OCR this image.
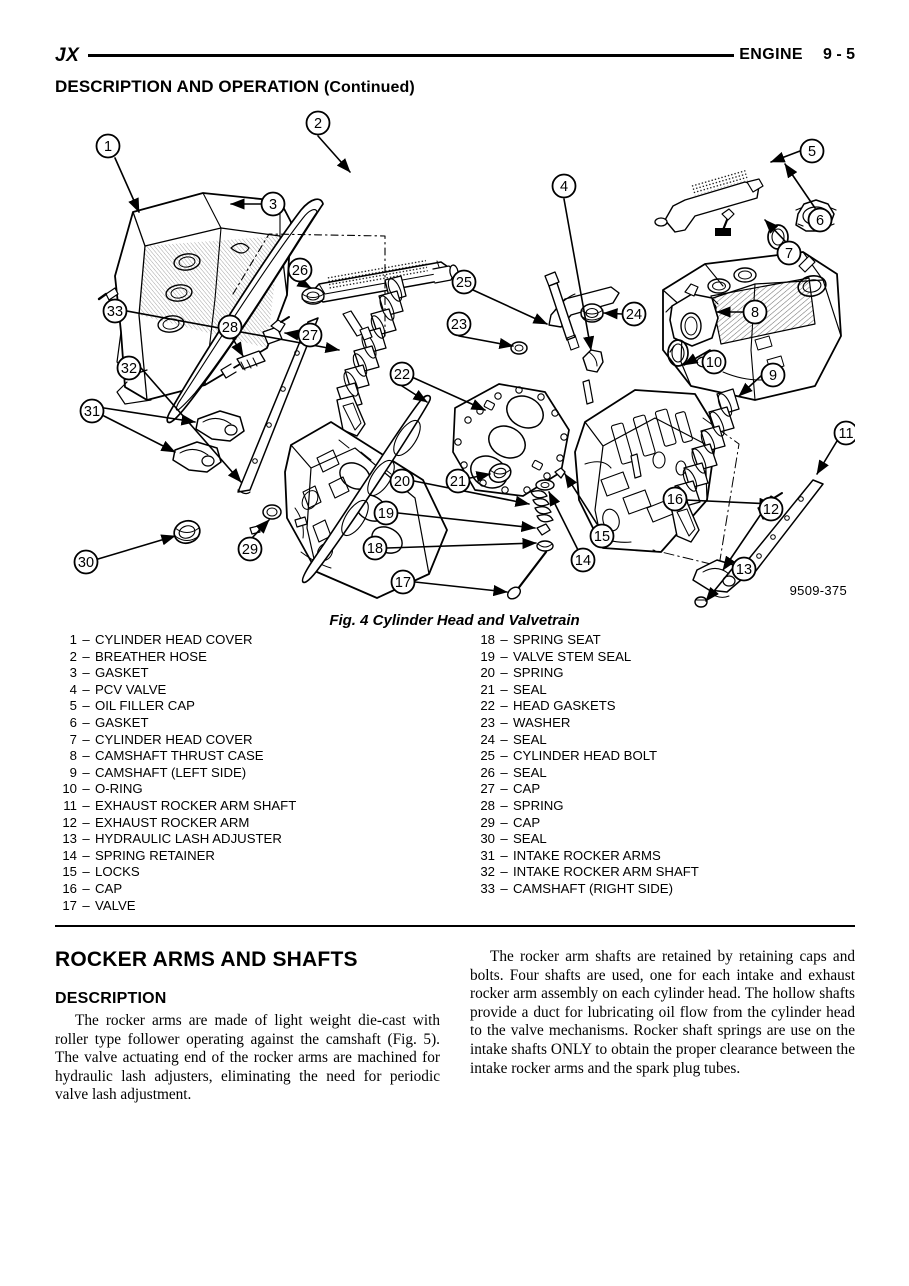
JX	ENGINE 9 - 5
DESCRIPTION AND OPERATION (Continued)
1
2
3
4
5
6
7
8
9
10
11
12
13
14
15
16
17
18
19
20	21
22
23
24
25
26
27
28
29
30
31
32
33
9509-375
Fig. 4 Cylinder Head and Valvetrain
1 – CYLINDER HEAD COVER
2 – BREATHER HOSE
3 – GASKET
4 – PCV VALVE
5 – OIL FILLER CAP
6 – GASKET
7 – CYLINDER HEAD COVER
8 – CAMSHAFT THRUST CASE
9 – CAMSHAFT (LEFT SIDE)
10 – O-RING
11 – EXHAUST ROCKER ARM SHAFT
12 – EXHAUST ROCKER ARM
13 – HYDRAULIC LASH ADJUSTER
14 – SPRING RETAINER
15 – LOCKS
16 – CAP
17 – VALVE
18 – SPRING SEAT
19 – VALVE STEM SEAL
20 – SPRING
21 – SEAL
22 – HEAD GASKETS
23 – WASHER
24 – SEAL
25 – CYLINDER HEAD BOLT
26 – SEAL
27 – CAP
28 – SPRING
29 – CAP
30 – SEAL
31 – INTAKE ROCKER ARMS
32 – INTAKE ROCKER ARM SHAFT
33 – CAMSHAFT (RIGHT SIDE)
ROCKER ARMS AND SHAFTS
DESCRIPTION

The rocker arms are made of light weight die-cast with roller type follower operating against the camshaft (Fig. 5). The valve actuating end of the rocker arms are machined for hydraulic lash adjusters, eliminating the need for periodic valve lash adjustment.

The rocker arm shafts are retained by retaining caps and bolts. Four shafts are used, one for each intake and exhaust rocker arm assembly on each cylinder head. The hollow shafts provide a duct for lubricating oil flow from the cylinder head to the valve mechanisms. Rocker shaft springs are use on the intake shafts ONLY to obtain the proper clearance between the intake rocker arms and the spark plug tubes.
